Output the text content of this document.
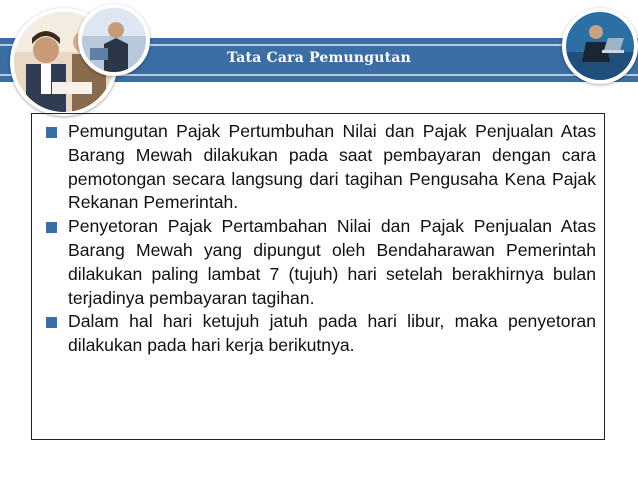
Tata Cara Pemungutan
Pemungutan Pajak Pertumbuhan Nilai dan Pajak Penjualan Atas Barang Mewah dilakukan pada saat pembayaran dengan cara pemotongan secara langsung dari tagihan Pengusaha Kena Pajak Rekanan Pemerintah.
Penyetoran Pajak Pertambahan Nilai dan Pajak Penjualan Atas Barang Mewah yang dipungut oleh Bendaharawan Pemerintah dilakukan paling lambat 7 (tujuh) hari setelah berakhirnya bulan terjadinya pembayaran tagihan.
Dalam hal hari ketujuh jatuh pada hari libur, maka penyetoran dilakukan pada hari kerja berikutnya.
